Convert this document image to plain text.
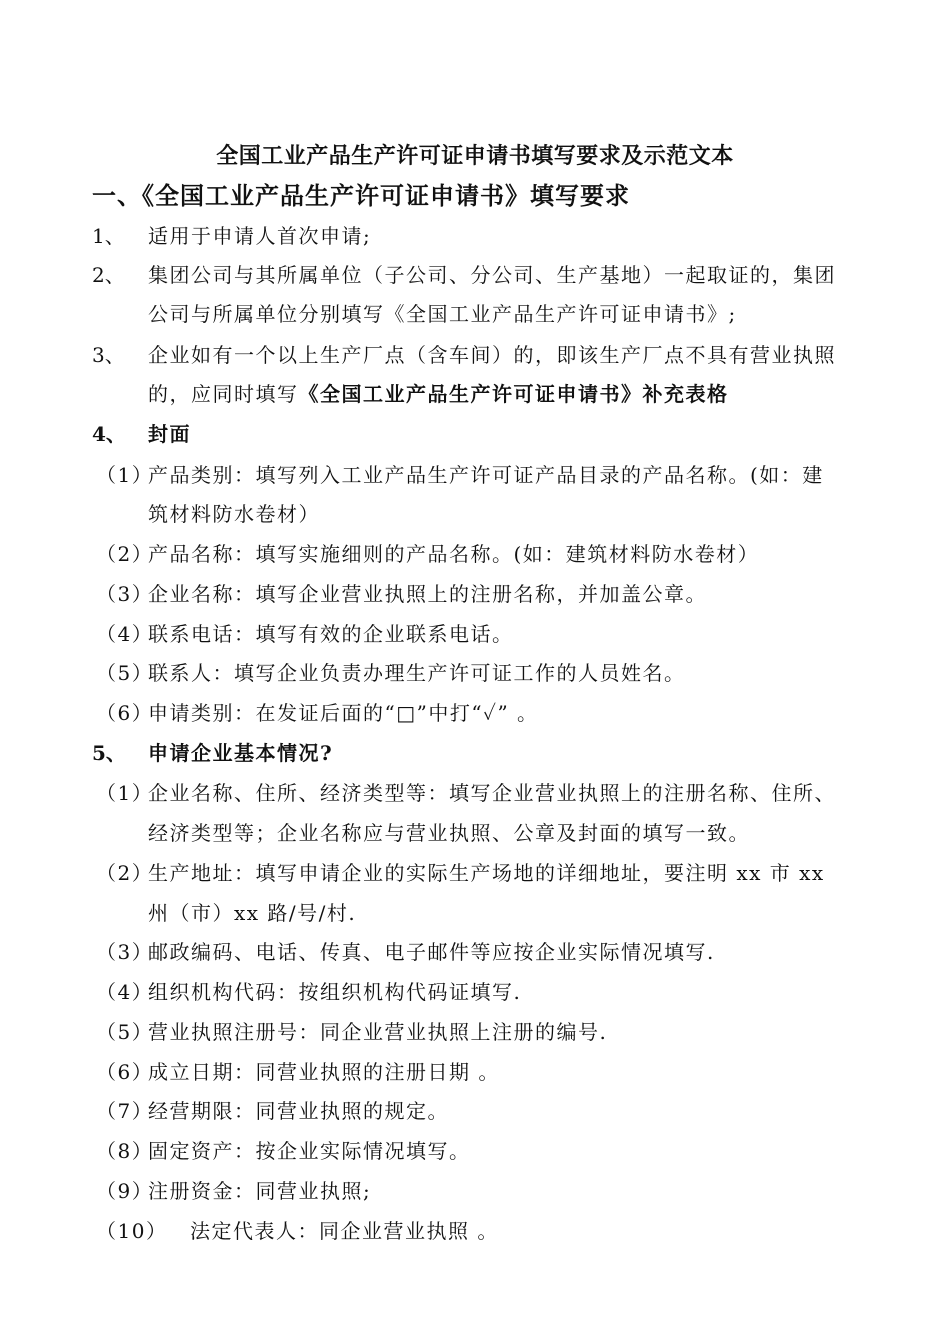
全国工业产品生产许可证申请书填写要求及示范文本
一、《全国工业产品生产许可证申请书》填写要求
1、 适用于申请人首次申请;
2、 集团公司与其所属单位（子公司、分公司、生产基地）一起取证的，集团
公司与所属单位分别填写《全国工业产品生产许可证申请书》;
3、 企业如有一个以上生产厂点（含车间）的，即该生产厂点不具有营业执照
的，应同时填写《全国工业产品生产许可证申请书》补充表格
4、 封面
（1）
产品类别：填写列入工业产品生产许可证产品目录的产品名称。(如：建
筑材料防水卷材）
（2）
产品名称：填写实施细则的产品名称。(如：建筑材料防水卷材）
（3）
企业名称：填写企业营业执照上的注册名称，并加盖公章。
（4）
联系电话：填写有效的企业联系电话。
（5）
联系人：填写企业负责办理生产许可证工作的人员姓名。
（6）
申请类别：在发证后面的“□”中打“✓” 。
5、 申请企业基本情况?
（1）
企业名称、住所、经济类型等：填写企业营业执照上的注册名称、住所、
经济类型等；企业名称应与营业执照、公章及封面的填写一致。
（2）
生产地址：填写申请企业的实际生产场地的详细地址，要注明 xx 市 xx
州（市）xx 路/号/村.
（3）
邮政编码、电话、传真、电子邮件等应按企业实际情况填写.
（4）
组织机构代码：按组织机构代码证填写.
（5）
营业执照注册号：同企业营业执照上注册的编号.
（6）
成立日期：同营业执照的注册日期 。
（7）
经营期限：同营业执照的规定。
（8）
固定资产：按企业实际情况填写。
（9）
注册资金：同营业执照;
（10） 法定代表人：同企业营业执照 。
